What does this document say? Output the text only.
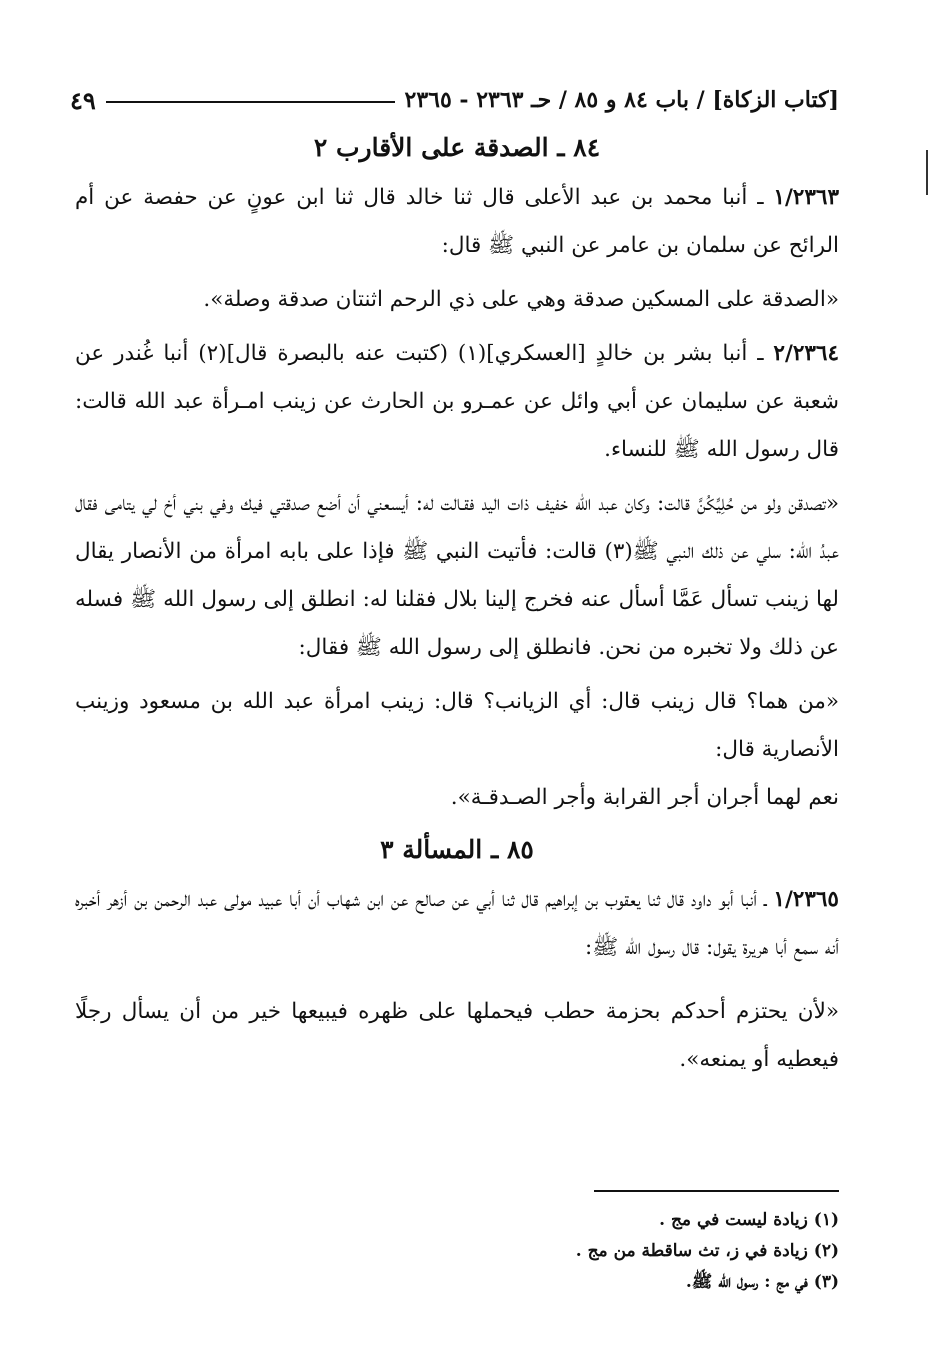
[كتاب الزكاة] / باب ٨٤ و ٨٥ / حـ ٢٣٦٣ - ٢٣٦٥
٤٩
٨٤ ـ الصدقة على الأقارب ٢
١/٢٣٦٣ ـ أنبا محمد بن عبد الأعلى قال ثنا خالد قال ثنا ابن عونٍ عن حفصة عن أم الرائح عن سلمان بن عامر عن النبي ﷺ قال:
«الصدقة على المسكين صدقة وهي على ذي الرحم اثنتان صدقة وصلة».
٢/٢٣٦٤ ـ أنبا بشر بن خالدٍ [العسكري](١) (كتبت عنه بالبصرة قال](٢) أنبا غُندر عن شعبة عن سليمان عن أبي وائل عن عمـرو بن الحارث عن زينب امـرأة عبد الله قالت: قال رسول الله ﷺ للنساء.
«تصدقن ولو من حُلِيِّكُنَّ قالت: وكان عبد الله خفيف ذات اليد فقـالت له: أيسعني أن أضع صدقتي فيك وفي بني أخ لي يتامى فقال عبدُ الله: سلي عن ذلك النبي ﷺ(٣) قالت: فأتيت النبي ﷺ فإذا على بابه امرأة من الأنصار يقال لها زينب تسأل عَمَّا أسأل عنه فخرج إلينا بلال فقلنا له: انطلق إلى رسول الله ﷺ فسله عن ذلك ولا تخبره من نحن. فانطلق إلى رسول الله ﷺ فقال:
«من هما؟ قال زينب قال: أي الزيانب؟ قال: زينب امرأة عبد الله بن مسعود وزينب الأنصارية قال:
نعم لهما أجران أجر القرابة وأجر الصـدقـة».
٨٥ ـ المسألة ٣
١/٢٣٦٥ ـ أنبا أبو داود قال ثنا يعقوب بن إبراهيم قال ثنا أبي عن صالح عن ابن شهاب أن أبا عبيد مولى عبد الرحمن بن أزهر أخبره أنه سمع أبا هريرة يقول: قال رسول الله ﷺ:
«لأن يحتزم أحدكم بحزمة حطب فيحملها على ظهره فيبيعها خير من أن يسأل رجلًا فيعطيه أو يمنعه».
(١) زيادة ليست في مج .
(٢) زيادة في ز، تث ساقطة من مج .
(٣) في مج : رسول الله ﷺ.
